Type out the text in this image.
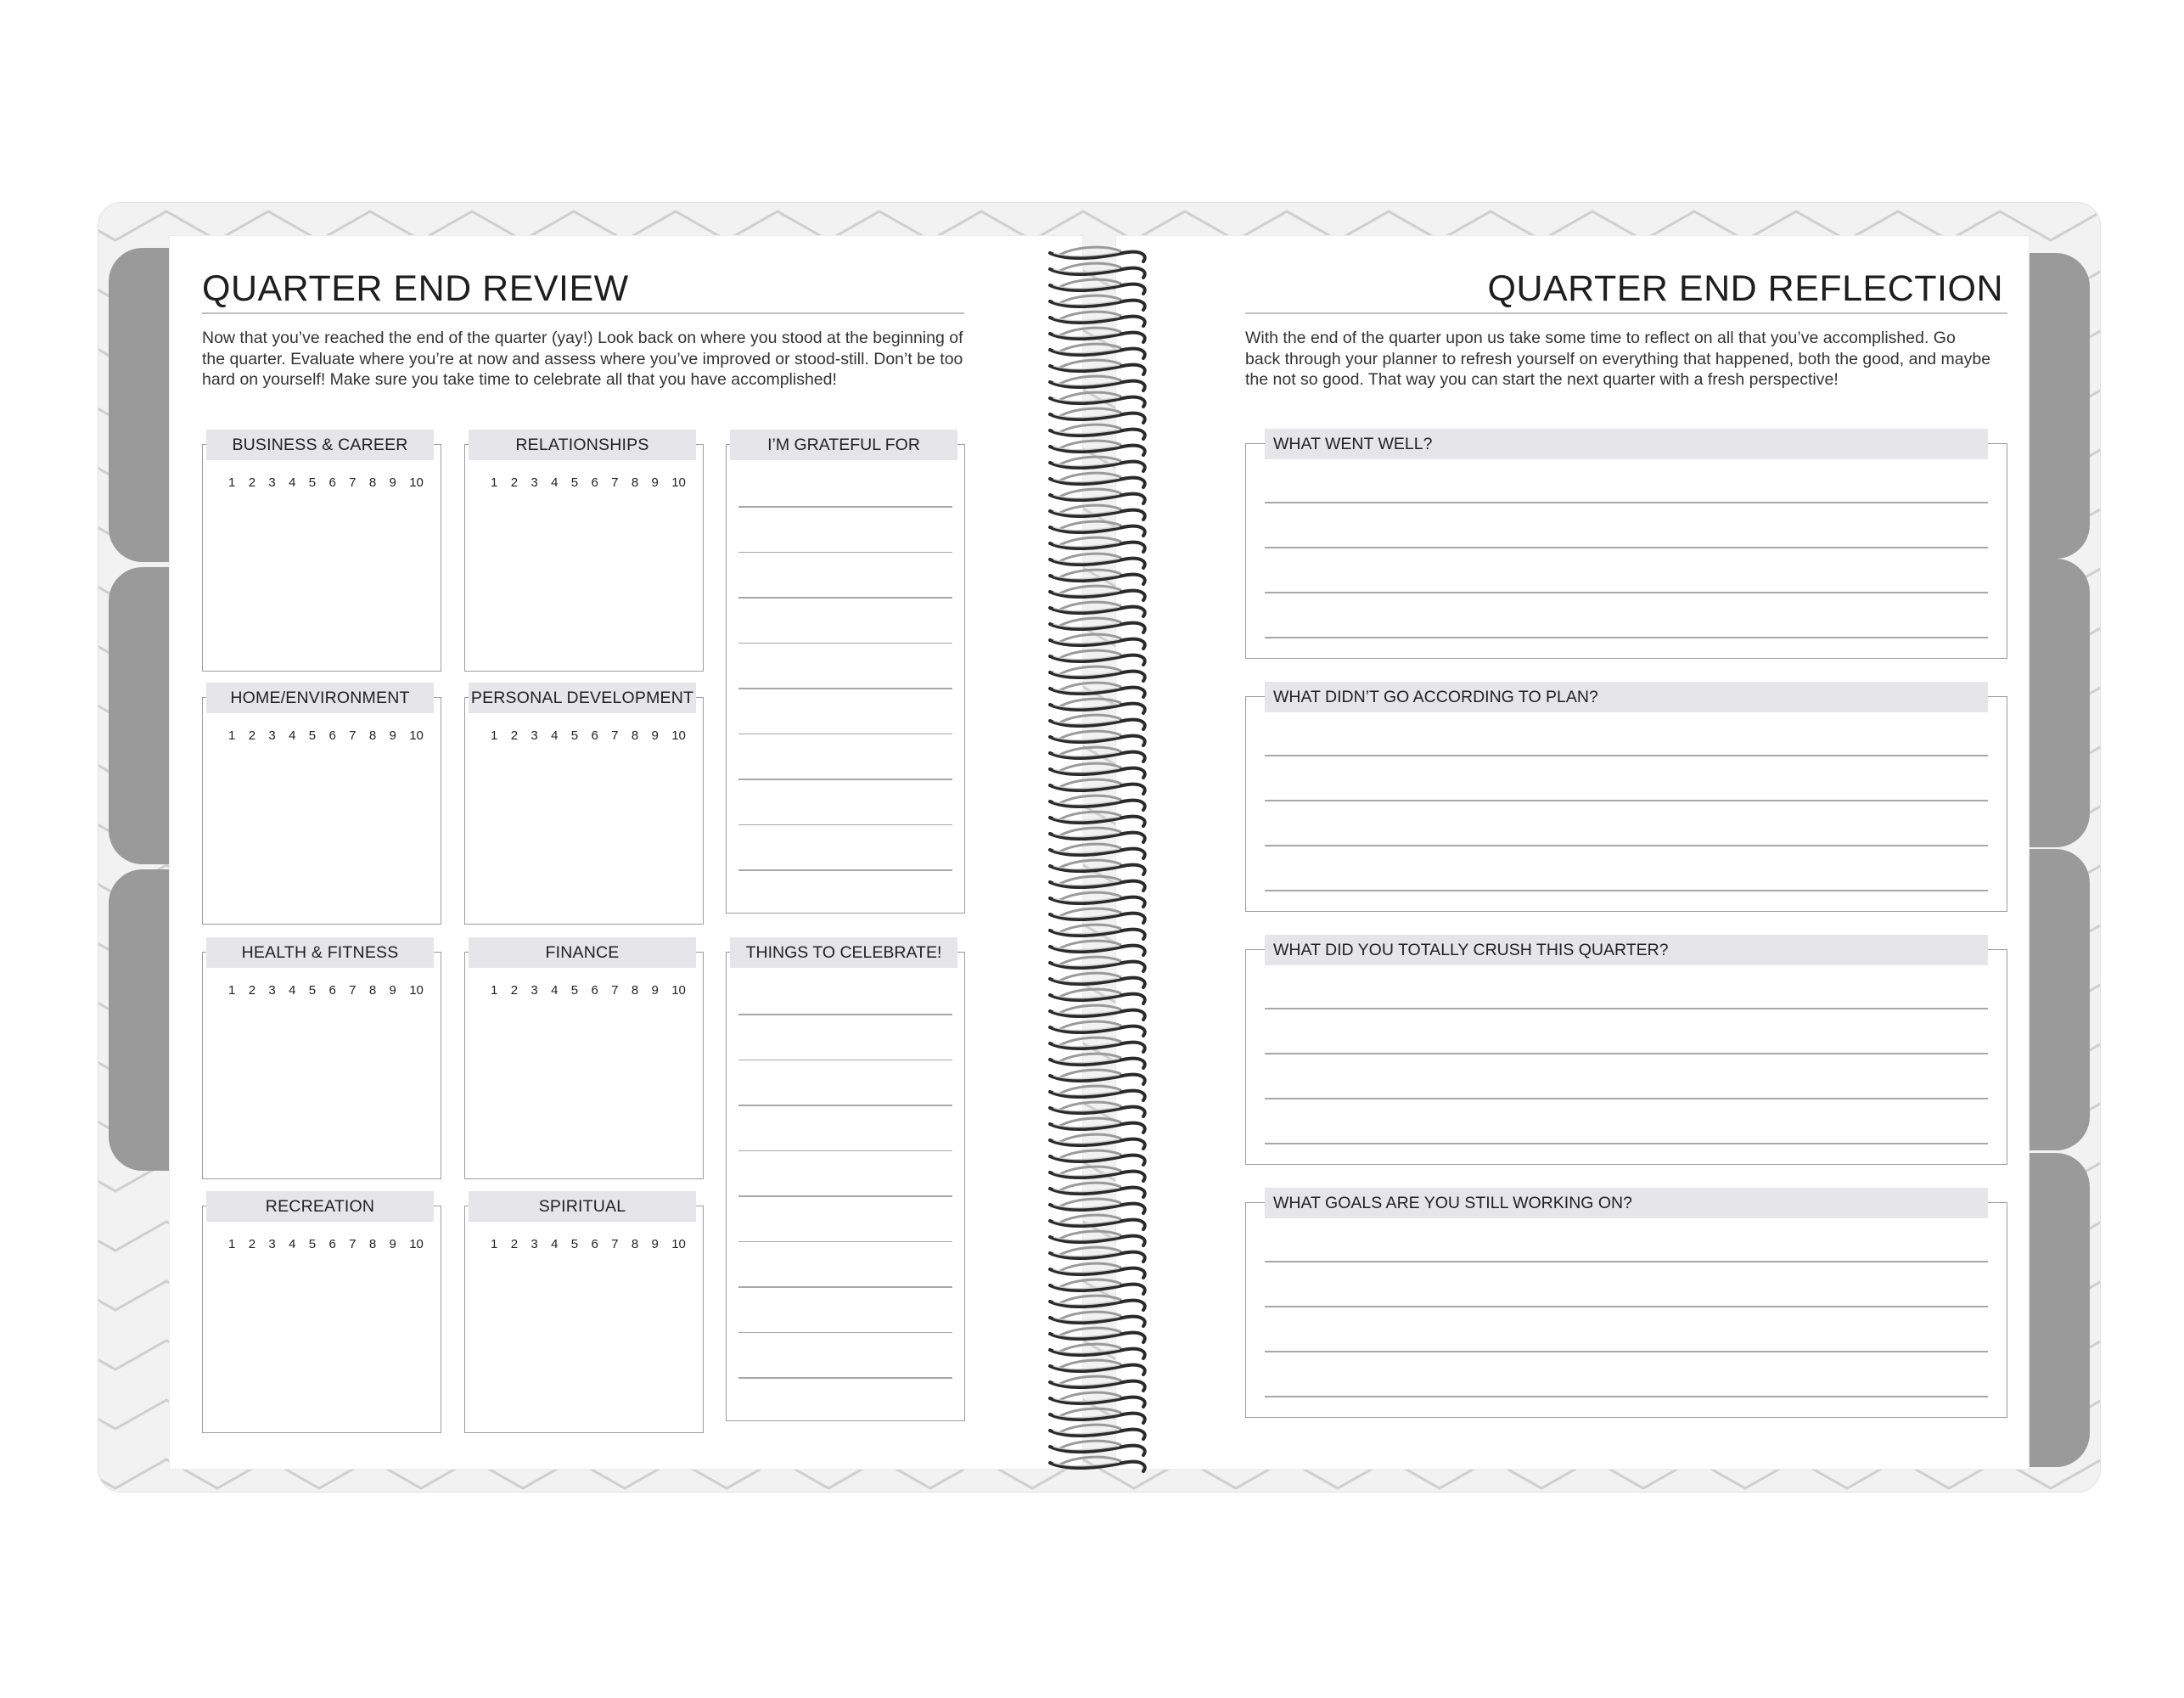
QUARTER END REVIEW
Now that you’ve reached the end of the quarter (yay!) Look back on where you stood at the beginning of the quarter. Evaluate where you’re at now and assess where you’ve improved or stood-still. Don’t be too hard on yourself! Make sure you take time to celebrate all that you have accomplished!
BUSINESS & CAREER
1 2 3 4 5 6 7 8 9 10
RELATIONSHIPS
1 2 3 4 5 6 7 8 9 10
HOME/ENVIRONMENT
1 2 3 4 5 6 7 8 9 10
PERSONAL DEVELOPMENT
1 2 3 4 5 6 7 8 9 10
HEALTH & FITNESS
1 2 3 4 5 6 7 8 9 10
FINANCE
1 2 3 4 5 6 7 8 9 10
RECREATION
1 2 3 4 5 6 7 8 9 10
SPIRITUAL
1 2 3 4 5 6 7 8 9 10
I’M GRATEFUL FOR
THINGS TO CELEBRATE!
QUARTER END REFLECTION
With the end of the quarter upon us take some time to reflect on all that you’ve accomplished. Go back through your planner to refresh yourself on everything that happened, both the good, and maybe the not so good. That way you can start the next quarter with a fresh perspective!
WHAT WENT WELL?
WHAT DIDN’T GO ACCORDING TO PLAN?
WHAT DID YOU TOTALLY CRUSH THIS QUARTER?
WHAT GOALS ARE YOU STILL WORKING ON?
